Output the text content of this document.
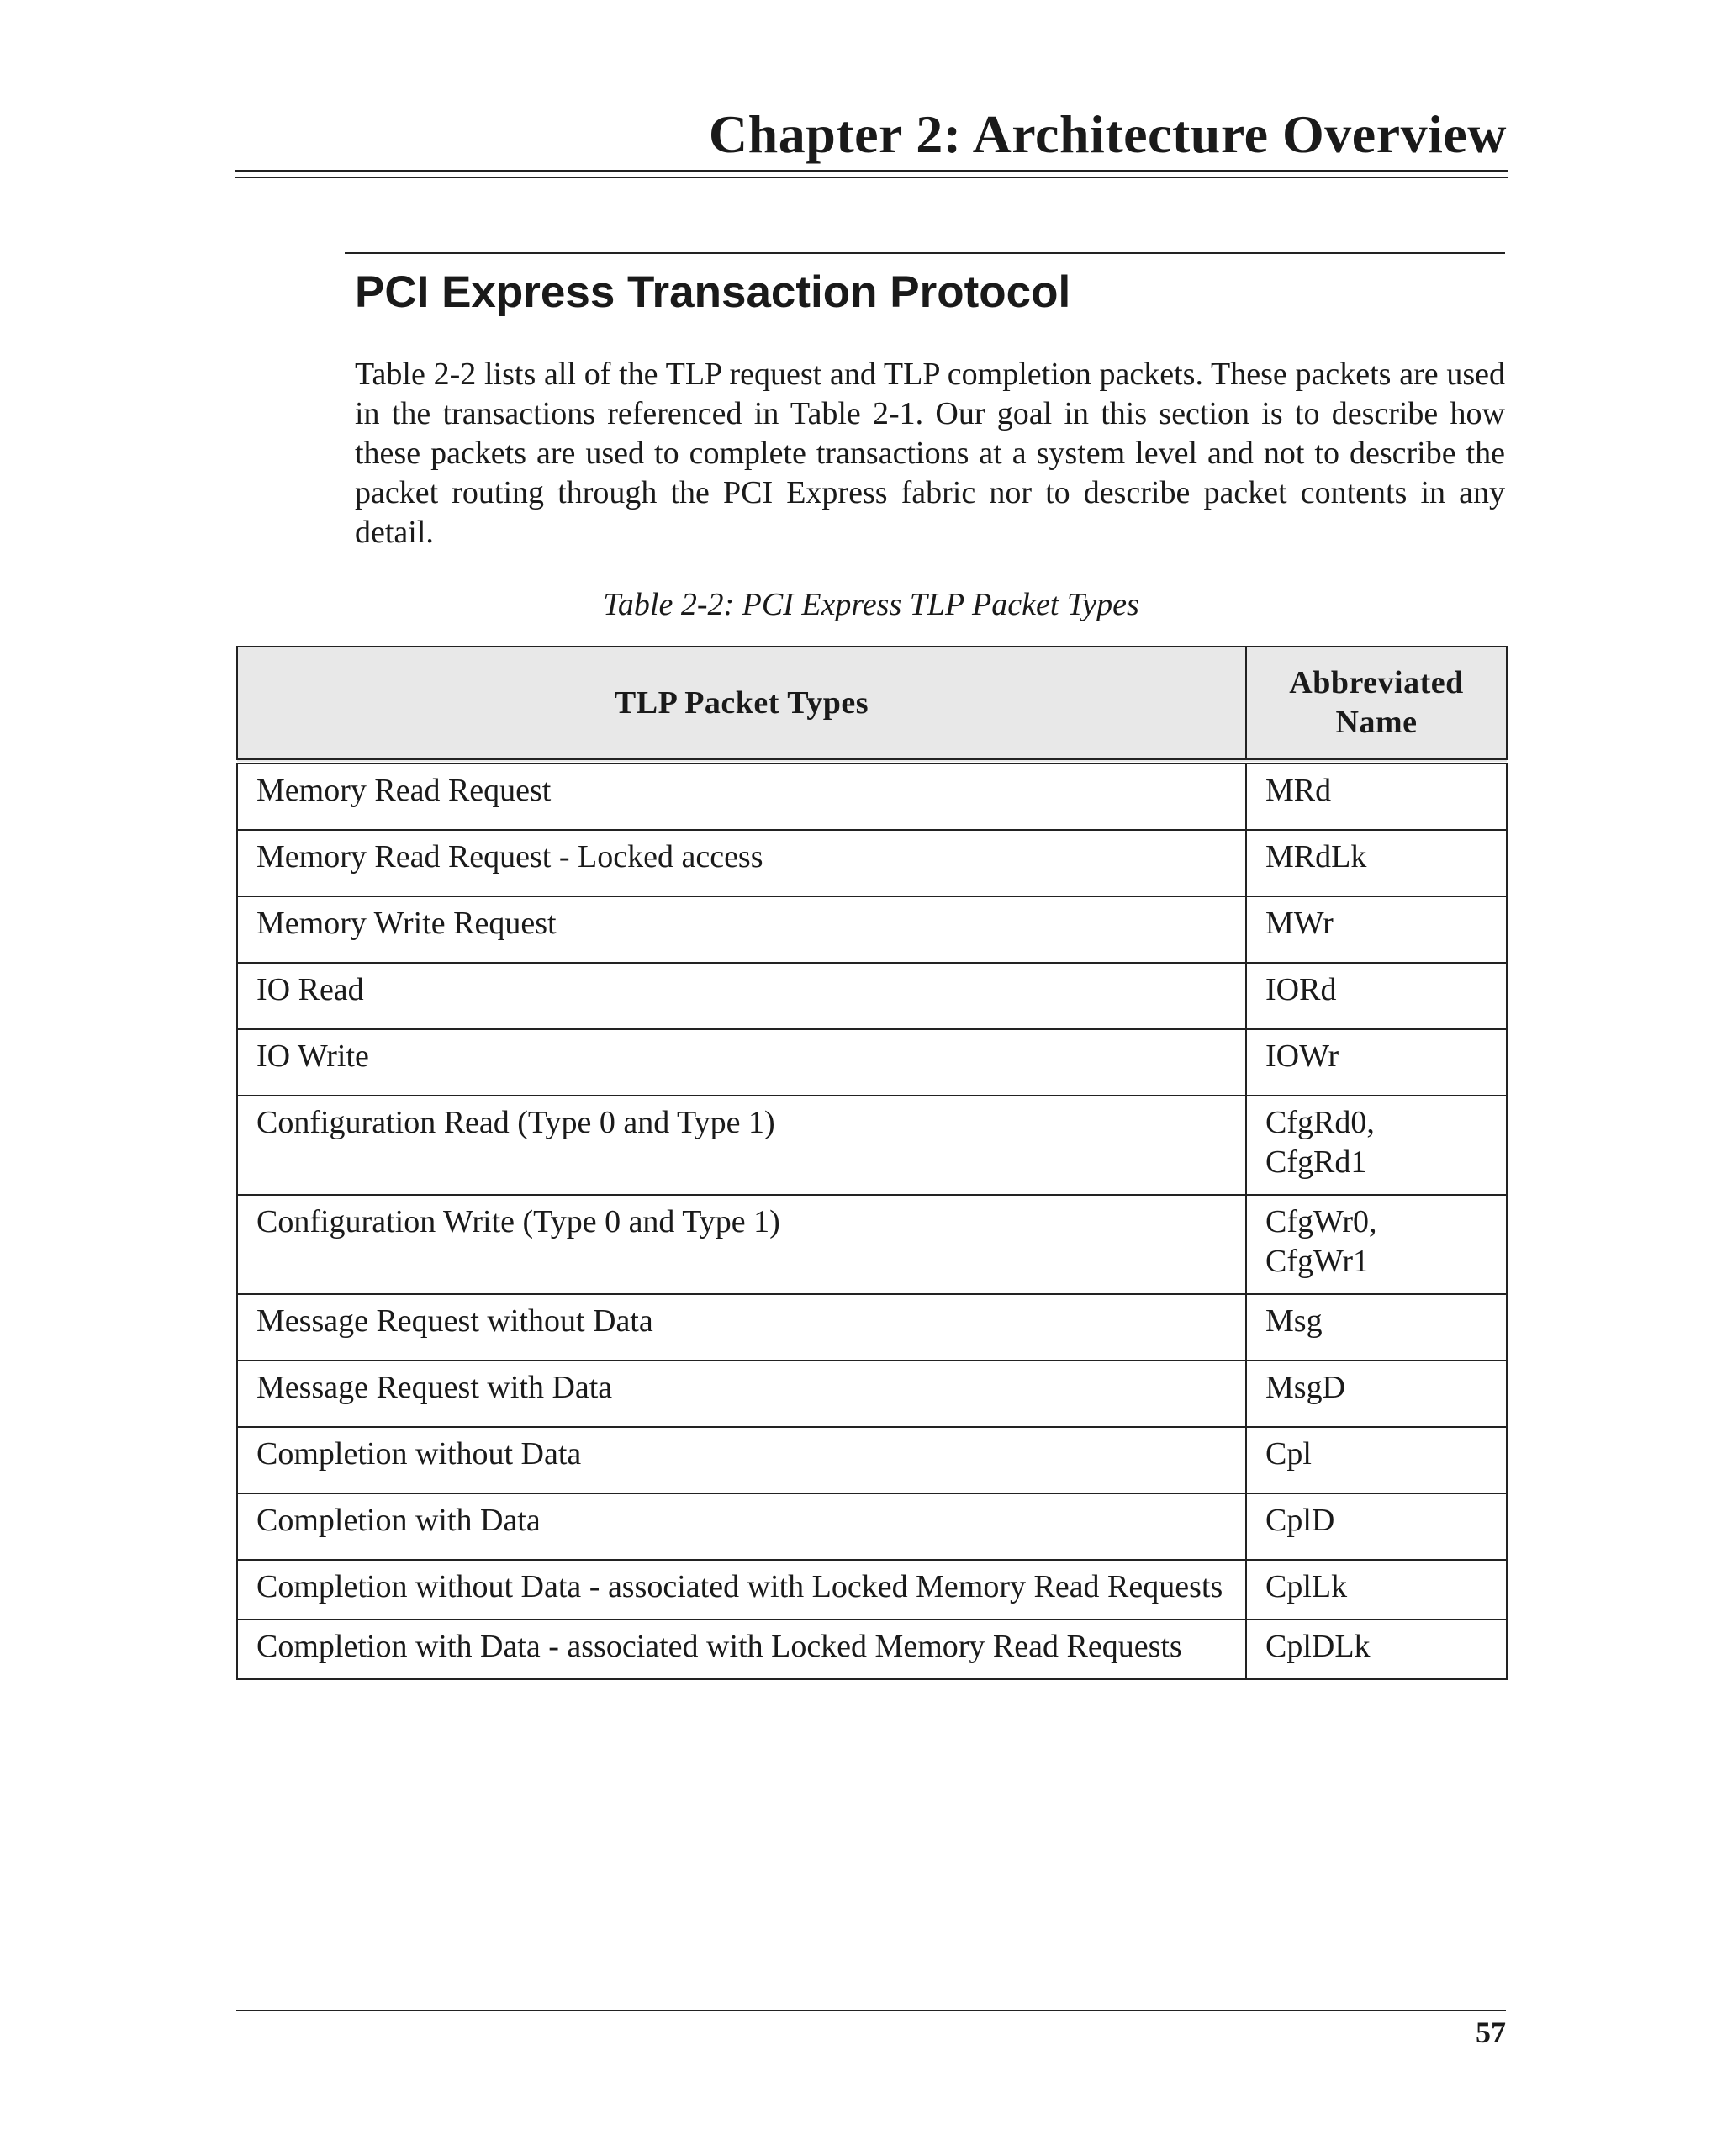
Chapter 2: Architecture Overview
PCI Express Transaction Protocol

Table 2-2 lists all of the TLP request and TLP completion packets. These packets are used in the transactions referenced in Table 2-1. Our goal in this section is to describe how these packets are used to complete transactions at a system level and not to describe the packet routing through the PCI Express fabric nor to describe packet contents in any detail.

Table 2-2: PCI Express TLP Packet Types
TLP Packet Types	Abbreviated
Name
Memory Read Request	MRd
Memory Read Request - Locked access	MRdLk
Memory Write Request	MWr
IO Read	IORd
IO Write	IOWr
Configuration Read (Type 0 and Type 1)	CfgRd0,
CfgRd1
Configuration Write (Type 0 and Type 1)	CfgWr0,
CfgWr1
Message Request without Data	Msg
Message Request with Data	MsgD
Completion without Data	Cpl
Completion with Data	CplD
Completion without Data - associated with Locked Memory Read Requests	CplLk
Completion with Data - associated with Locked Memory Read Requests	CplDLk
57
